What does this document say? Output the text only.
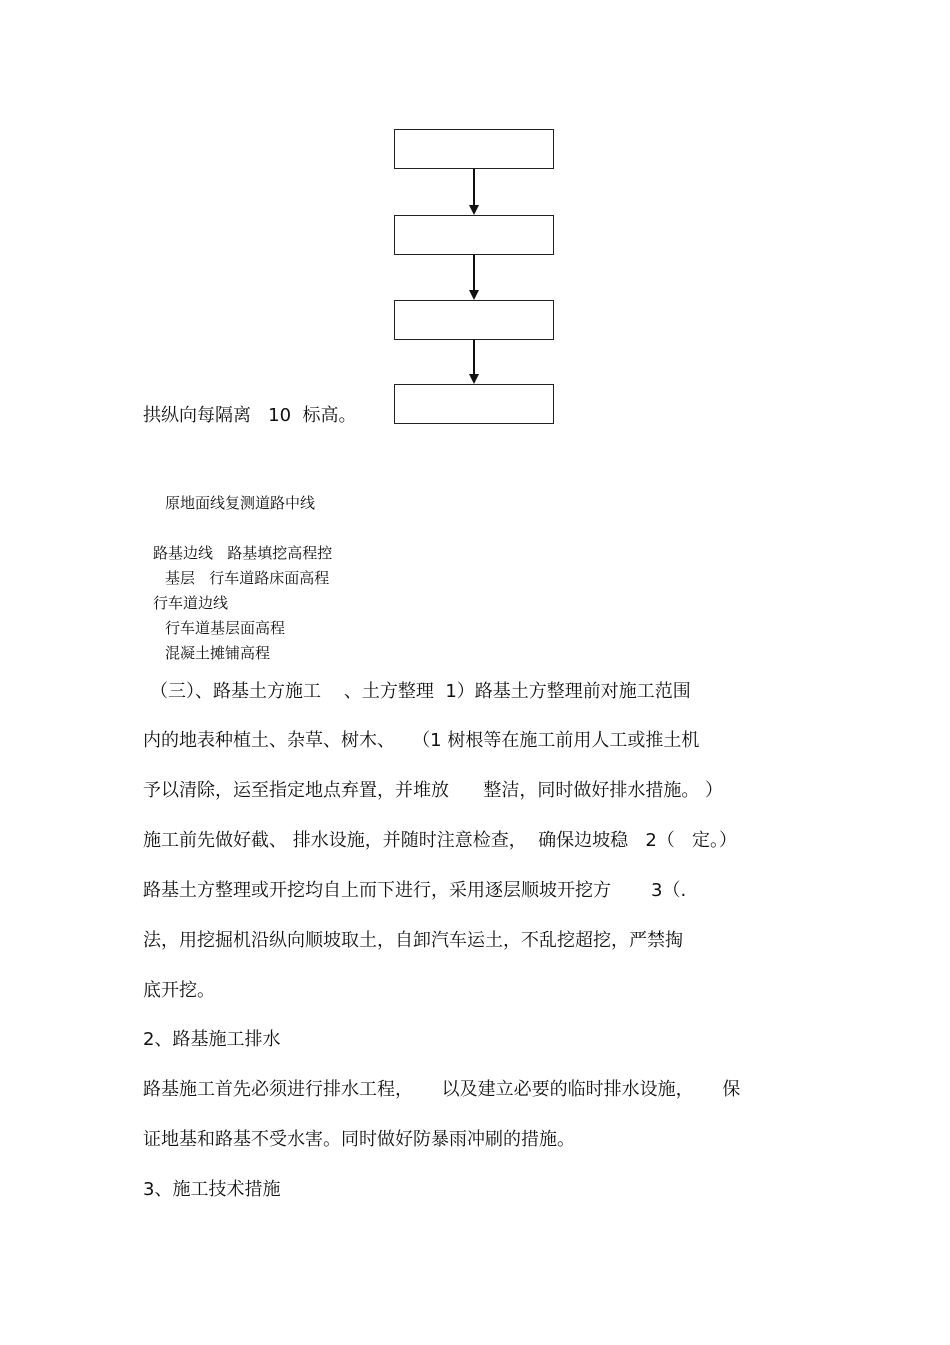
拱纵向每隔离   10  标高。
原地面线复测道路中线
路基边线   路基填挖高程控
基层   行车道路床面高程
行车道边线
行车道基层面高程
混凝土摊铺高程
（三）、路基土方施工    、土方整理  1）路基土方整理前对施工范围
内的地表种植土、杂草、树木、   （1 树根等在施工前用人工或推土机
予以清除，运至指定地点弃置，并堆放      整洁，同时做好排水措施。 ）
施工前先做好截、 排水设施，并随时注意检查，  确保边坡稳   2（   定。）
路基土方整理或开挖均自上而下进行，采用逐层顺坡开挖方       3（.
法，用挖掘机沿纵向顺坡取土，自卸汽车运土，不乱挖超挖，严禁掏
底开挖。
2、路基施工排水
路基施工首先必须进行排水工程，     以及建立必要的临时排水设施，     保
证地基和路基不受水害。同时做好防暴雨冲刷的措施。
3、施工技术措施
